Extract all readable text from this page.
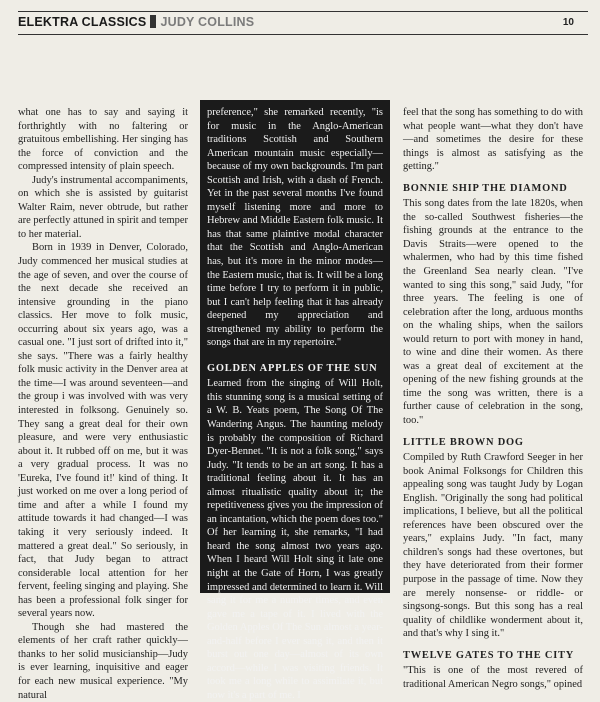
ELEKTRA CLASSICS JUDY COLLINS	10

what one has to say and saying it forthrightly with no faltering or gratuitous embellishing. Her singing has the force of conviction and the compressed intensity of plain speech.

Judy's instrumental accompaniments, on which she is assisted by guitarist Walter Raim, never obtrude, but rather are perfectly attuned in spirit and temper to her material.

Born in 1939 in Denver, Colorado, Judy commenced her musical studies at the age of seven, and over the course of the next decade she received an intensive grounding in the piano classics. Her move to folk music, occurring about six years ago, was a casual one. "I just sort of drifted into it," she says. "There was a fairly healthy folk music activity in the Denver area at the time—I was around seventeen—and the group i was involved with was very interested in folksong. Genuinely so. They sang a great deal for their own pleasure, and were very enthusiastic about it. It rubbed off on me, but it was a very gradual process. It was no 'Eureka, I've found it!' kind of thing. It just worked on me over a long period of time and after a while I found my attitude towards it had changed—I was taking it very seriously indeed. It mattered a great deal." So seriously, in fact, that Judy began to attract considerable local attention for her fervent, feeling singing and playing. She has been a professional folk singer for several years now.

Though she had mastered the elements of her craft rather quickly—thanks to her solid musicianship—Judy is ever learning, inquisitive and eager for each new musical experience. "My natural

preference," she remarked recently, "is for music in the Anglo-American traditions Scottish and Southern American mountain music especially—because of my own backgrounds. I'm part Scottish and Irish, with a dash of French. Yet in the past several months I've found myself listening more and more to Hebrew and Middle Eastern folk music. It has that same plaintive modal character that the Scottish and Anglo-American has, but it's more in the minor modes—the Eastern music, that is. It will be a long time before I try to perform it in public, but I can't help feeling that it has already deepened my appreciation and strengthened my ability to perform the songs that are in my repertoire."

GOLDEN APPLES OF THE SUN

Learned from the singing of Will Holt, this stunning song is a musical setting of a W. B. Yeats poem, The Song Of The Wandering Angus. The haunting melody is probably the composition of Richard Dyer-Bennet. "It is not a folk song," says Judy. "It tends to be an art song. It has a traditional feeling about it. It has an almost ritualistic quality about it; the repetitiveness gives you the impression of an incantation, which the poem does too." Of her learning it, she remarks, "I had heard the song almost two years ago. When I heard Will Holt sing it late one night at the Gate of Horn, I was greatly impressed and determined to learn it. Will sang it for me a number times, and even gave me a tape of it. I lived with the Golden Apples Of The Sun almost a year-and-half before I ever sang it, and then it burst out one day—almost of its own accord—while I was visiting friends. It took me a long while to assimilate it, but now it's a part of me. I

feel that the song has something to do with what people want—what they don't have—and sometimes the desire for these things is almost as satisfying as the getting."

BONNIE SHIP THE DIAMOND

This song dates from the late 1820s, when the so-called Southwest fisheries—the fishing grounds at the entrance to the Davis Straits—were opened to the whalermen, who had by this time fished the Greenland Sea nearly clean. "I've wanted to sing this song," said Judy, "for three years. The feeling is one of celebration after the long, arduous months on the whaling ships, when the sailors would return to port with money in hand, to wine and dine their women. As there was a great deal of excitement at the opening of the new fishing grounds at the time the song was written, there is a further cause of celebration in the song, too."

LITTLE BROWN DOG

Compiled by Ruth Crawford Seeger in her book Animal Folksongs for Children this appealing song was taught Judy by Logan English. "Originally the song had political implications, I believe, but all the political references have been obscured over the years," explains Judy. "In fact, many children's songs had these overtones, but they have deteriorated from their former purpose in the passage of time. Now they are merely nonsense- or riddle- or singsong-songs. But this song has a real quality of childlike wonderment about it, and that's why I sing it."

TWELVE GATES TO THE CITY

"This is one of the most revered of traditional American Negro songs," opined
